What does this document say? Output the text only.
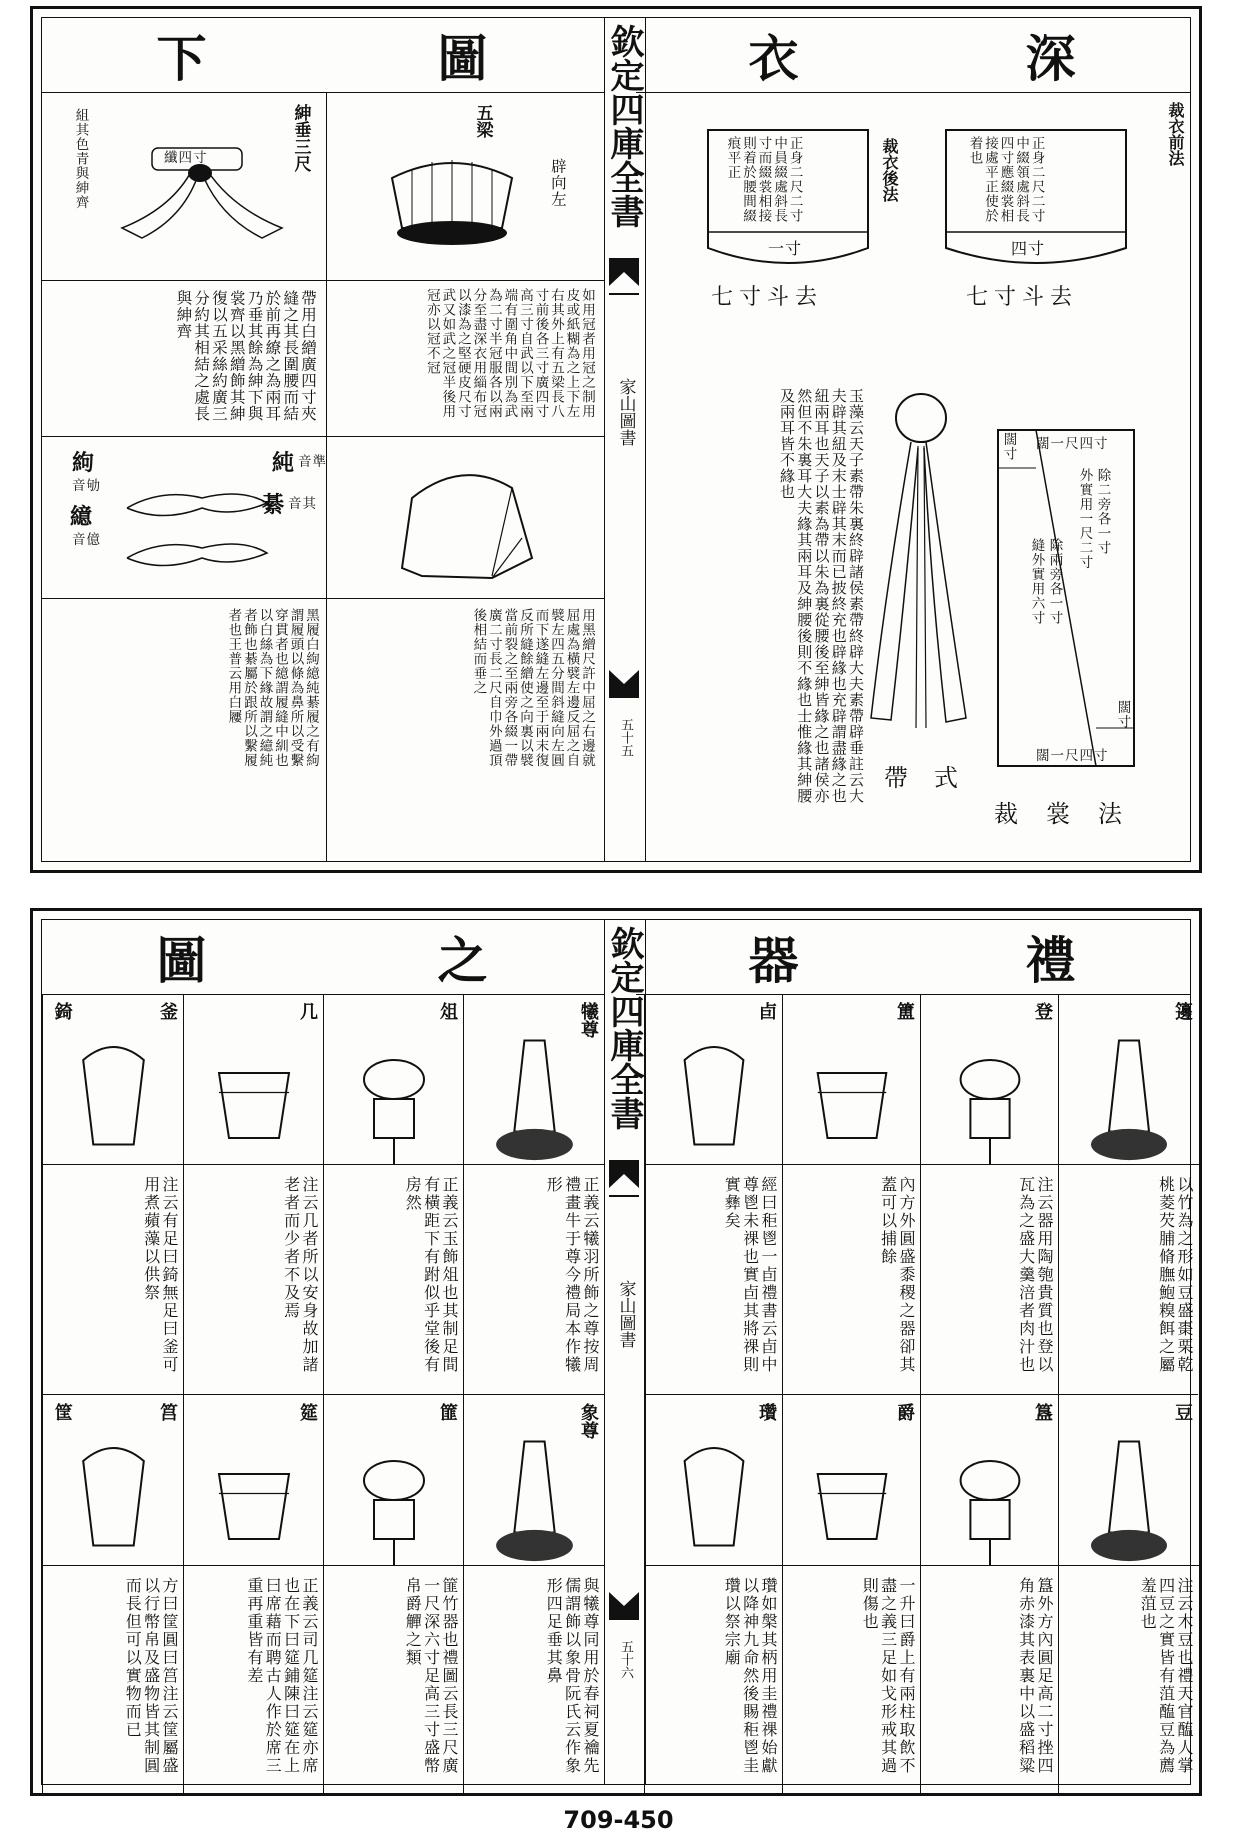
欽定四庫全書
家山圖書
五十五
衣	深
裁衣前法
正身二尺二寸中綴領處斜長四寸應綴裳相接處平正使於着也
四寸
七寸斗去
裁衣後法
正身二尺二寸中員綴處斜長寸而綴裳相接則着於腰間綴痕平正
一寸
七寸斗去
闊一尺四寸
闊一尺四寸
闊寸
闊寸
除二旁各一寸
外實用一尺二寸
除兩旁各一寸
縫外實用六寸
裁裳法
帶式
玉藻云天子素帶朱裏終辟諸侯素帶終辟大夫素帶辟垂註云大夫辟其紐及末士辟其末而已披終充也辟緣也充辟謂盡緣之也紐兩耳也天子以素為帶以朱為裏從腰後至紳皆緣之也諸侯亦然但不朱裏耳大夫緣其兩耳及紳腰後則不緣也士惟緣其紳腰及兩耳皆不緣也
下	圖
紳垂三尺
組其色青與紳齊	纖四寸
帶用白繒廣四寸夾縫之其長圍腰而結於前再繚之為兩耳乃垂其餘為紳下與裳齊以黑繒飾其紳復以五采絲約廣三分約其相結之處長與紳齊
五梁
辟向左
如用冠者用冠之制用皮或紙糊為之上下左右其外上有五梁長八寸前後各三寸廣四寸高三寸自武以下至兩端有圍角中間別為武為二寸半冠服各以兩分至盡深衣用緇布冠以漆為之堅硬皮尺寸武又如武之冠半後用冠亦以冠不冠
用黑繒尺許中屈之右邊就屈處為橫襞左邊反屈之自襞左四五分間斜縫向左圓而下遂縫左邊至于兩末復反所縫餘繒使之向裏以襞當前裂之至兩旁各綴一帶廣二寸長二尺自巾外過頂後相結而垂之
絇
音劬
繶
音億
純 音準
綦 音其
黑履白絇繶純綦履之有絇謂履頭以條為鼻所以受繫穿貫者也繶謂履縫中紃也以白絲為下緣故謂之繶純者飾也綦屬於跟所以繫履者也王普云用白屨
欽定四庫全書
家山圖書
五十六
器	禮
圖	之
籩
以竹為之形如豆盛棗栗乾桃菱芡脯脩膴鮑糗餌之屬
登
注云器用陶匏貴質也登以瓦為之盛大羹涪者肉汁也
簠
內方外圓盛黍稷之器卻其蓋可以捕餘
卣
經曰秬鬯一卣禮書云卣中尊鬯未祼也實卣其將祼則實彝矣
犧尊
正義云犧羽所飾之尊按周禮畫牛于尊今禮局本作犧形
俎
正義云玉飾俎也其制足間有橫距下有跗似乎堂後有房然
几
注云几者所以安身故加諸老者而少者不及焉
釜
錡
注云有足曰錡無足曰釜可用煮蘋藻以供祭
豆
注云木豆也禮天官醢人掌四豆之實皆有菹醢豆為薦羞菹也
簋
簋外方內圓足高二寸挫四角赤漆其表裏中以盛稻粱
爵
一升曰爵上有兩柱取飲不盡之義三足如戈形戒其過則傷也
瓚
瓚如槃其柄用圭禮祼始獻以降神九命然後賜秬鬯圭瓚以祭宗廟
象尊
與犧尊同用於春祠夏禴先儒謂飾以象骨阮氏云作象形四足垂其鼻
篚
篚竹器也禮圖云長三尺廣一尺深六寸足高三寸盛幣帛爵觶之類
筵
正義云司几筵注云筵亦席也在下曰筵鋪陳曰筵在上曰席藉而聘古人作於席三重再重皆有差
筥
筐
方曰筐圓曰筥注云筐屬盛以行幣帛及盛物皆其制圓而長但可以實物而已
709-450
